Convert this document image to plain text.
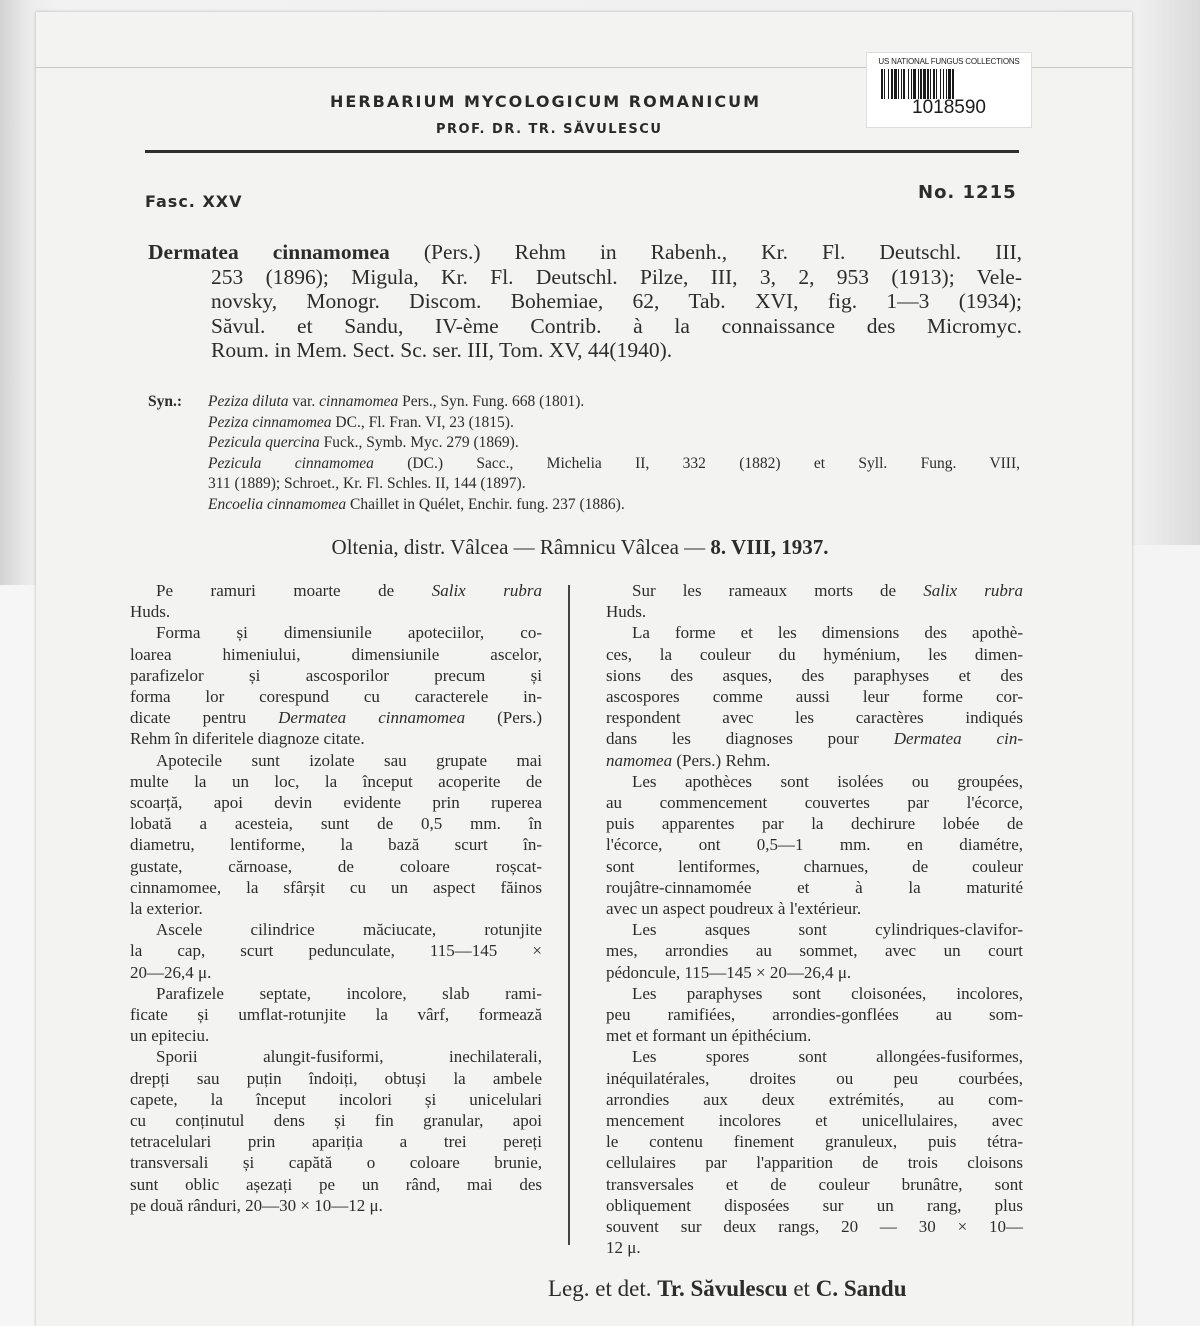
US NATIONAL FUNGUS COLLECTIONS
1018590
HERBARIUM MYCOLOGICUM ROMANICUM
PROF. DR. TR. SĂVULESCU
Fasc. XXV	No. 1215
Dermatea cinnamomea (Pers.) Rehm in Rabenh., Kr. Fl. Deutschl. III,
253 (1896); Migula, Kr. Fl. Deutschl. Pilze, III, 3, 2, 953 (1913); Vele-
novsky, Monogr. Discom. Bohemiae, 62, Tab. XVI, fig. 1—3 (1934);
Săvul. et Sandu, IV-ème Contrib. à la connaissance des Micromyc.
Roum. in Mem. Sect. Sc. ser. III, Tom. XV, 44(1940).
Syn.:	Peziza diluta var. cinnamomea Pers., Syn. Fung. 668 (1801).
Peziza cinnamomea DC., Fl. Fran. VI, 23 (1815).
Pezicula quercina Fuck., Symb. Myc. 279 (1869).
Pezicula cinnamomea (DC.) Sacc., Michelia II, 332 (1882) et Syll. Fung. VIII,
311 (1889); Schroet., Kr. Fl. Schles. II, 144 (1897).
Encoelia cinnamomea Chaillet in Quélet, Enchir. fung. 237 (1886).
Oltenia, distr. Vâlcea — Râmnicu Vâlcea — 8. VIII, 1937.
Pe ramuri moarte de Salix rubra
Huds.
Forma și dimensiunile apoteciilor, co-
loarea himeniului, dimensiunile ascelor,
parafizelor și ascosporilor precum și
forma lor corespund cu caracterele in-
dicate pentru Dermatea cinnamomea (Pers.)
Rehm în diferitele diagnoze citate.
Apotecile sunt izolate sau grupate mai
multe la un loc, la început acoperite de
scoarță, apoi devin evidente prin ruperea
lobată a acesteia, sunt de 0,5 mm. în
diametru, lentiforme, la bază scurt în-
gustate, cărnoase, de coloare roșcat-
cinnamomee, la sfârșit cu un aspect făinos
la exterior.
Ascele cilindrice măciucate, rotunjite
la cap, scurt pedunculate, 115—145 ×
20—26,4 μ.
Parafizele septate, incolore, slab rami-
ficate și umflat-rotunjite la vârf, formează
un epiteciu.
Sporii alungit-fusiformi, inechilaterali,
drepți sau puțin îndoiți, obtuși la ambele
capete, la început incolori și unicelulari
cu conținutul dens și fin granular, apoi
tetracelulari prin apariția a trei pereți
transversali și capătă o coloare brunie,
sunt oblic așezați pe un rând, mai des
pe două rânduri, 20—30 × 10—12 μ.
Sur les rameaux morts de Salix rubra
Huds.
La forme et les dimensions des apothè-
ces, la couleur du hyménium, les dimen-
sions des asques, des paraphyses et des
ascospores comme aussi leur forme cor-
respondent avec les caractères indiqués
dans les diagnoses pour Dermatea cin-
namomea (Pers.) Rehm.
Les apothèces sont isolées ou groupées,
au commencement couvertes par l'écorce,
puis apparentes par la dechirure lobée de
l'écorce, ont 0,5—1 mm. en diamétre,
sont lentiformes, charnues, de couleur
roujâtre-cinnamomée et à la maturité
avec un aspect poudreux à l'extérieur.
Les asques sont cylindriques-clavifor-
mes, arrondies au sommet, avec un court
pédoncule, 115—145 × 20—26,4 μ.
Les paraphyses sont cloisonées, incolores,
peu ramifiées, arrondies-gonflées au som-
met et formant un épithécium.
Les spores sont allongées-fusiformes,
inéquilatérales, droites ou peu courbées,
arrondies aux deux extrémités, au com-
mencement incolores et unicellulaires, avec
le contenu finement granuleux, puis tétra-
cellulaires par l'apparition de trois cloisons
transversales et de couleur brunâtre, sont
obliquement disposées sur un rang, plus
souvent sur deux rangs, 20 — 30 × 10—
12 μ.
Leg. et det. Tr. Săvulescu et C. Sandu
